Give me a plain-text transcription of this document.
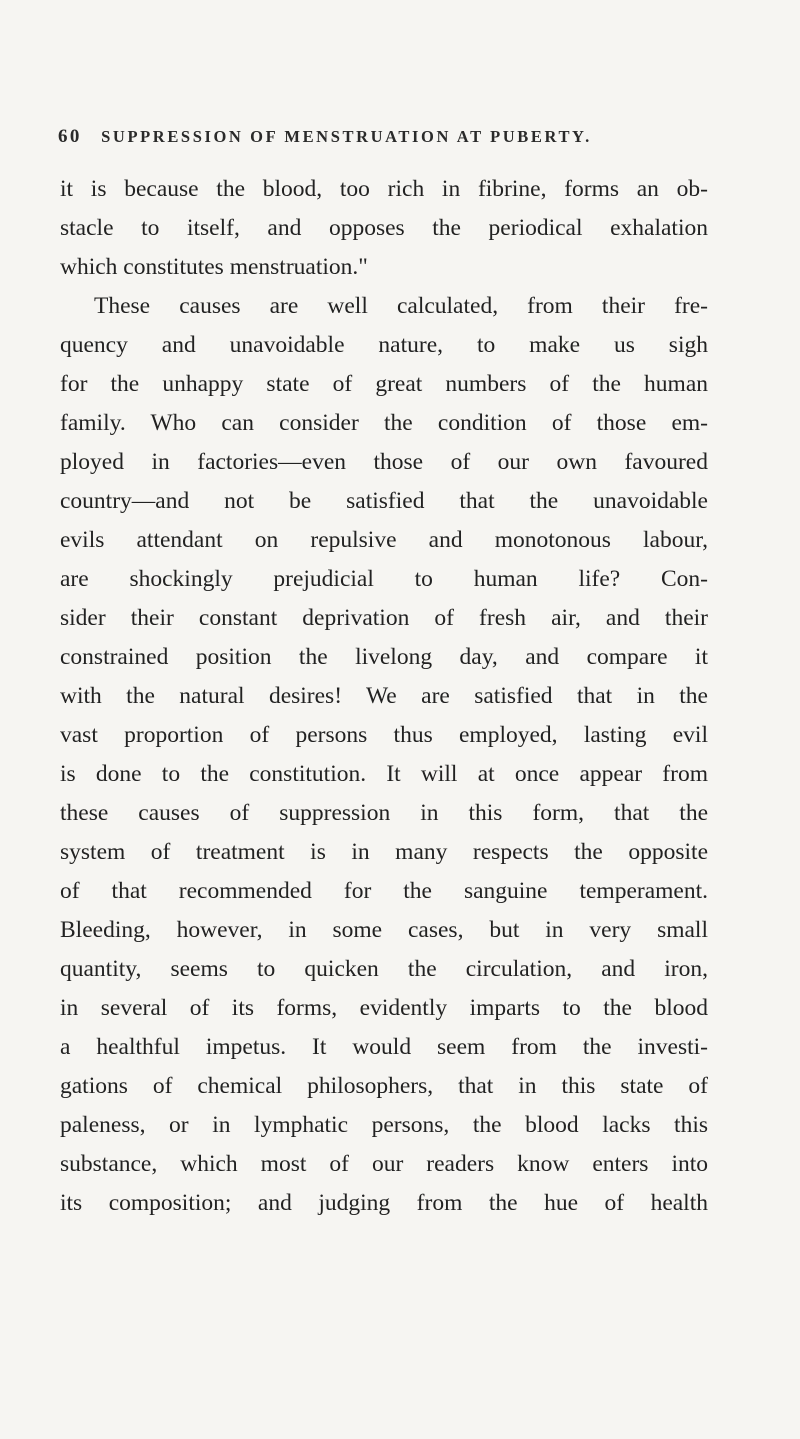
60 SUPPRESSION OF MENSTRUATION AT PUBERTY.
it is because the blood, too rich in fibrine, forms an ob-
stacle to itself, and opposes the periodical exhalation
which constitutes menstruation."
These causes are well calculated, from their fre-
quency and unavoidable nature, to make us sigh
for the unhappy state of great numbers of the human
family. Who can consider the condition of those em-
ployed in factories—even those of our own favoured
country—and not be satisfied that the unavoidable
evils attendant on repulsive and monotonous labour,
are shockingly prejudicial to human life? Con-
sider their constant deprivation of fresh air, and their
constrained position the livelong day, and compare it
with the natural desires! We are satisfied that in the
vast proportion of persons thus employed, lasting evil
is done to the constitution. It will at once appear from
these causes of suppression in this form, that the
system of treatment is in many respects the opposite
of that recommended for the sanguine temperament.
Bleeding, however, in some cases, but in very small
quantity, seems to quicken the circulation, and iron,
in several of its forms, evidently imparts to the blood
a healthful impetus. It would seem from the investi-
gations of chemical philosophers, that in this state of
paleness, or in lymphatic persons, the blood lacks this
substance, which most of our readers know enters into
its composition; and judging from the hue of health
